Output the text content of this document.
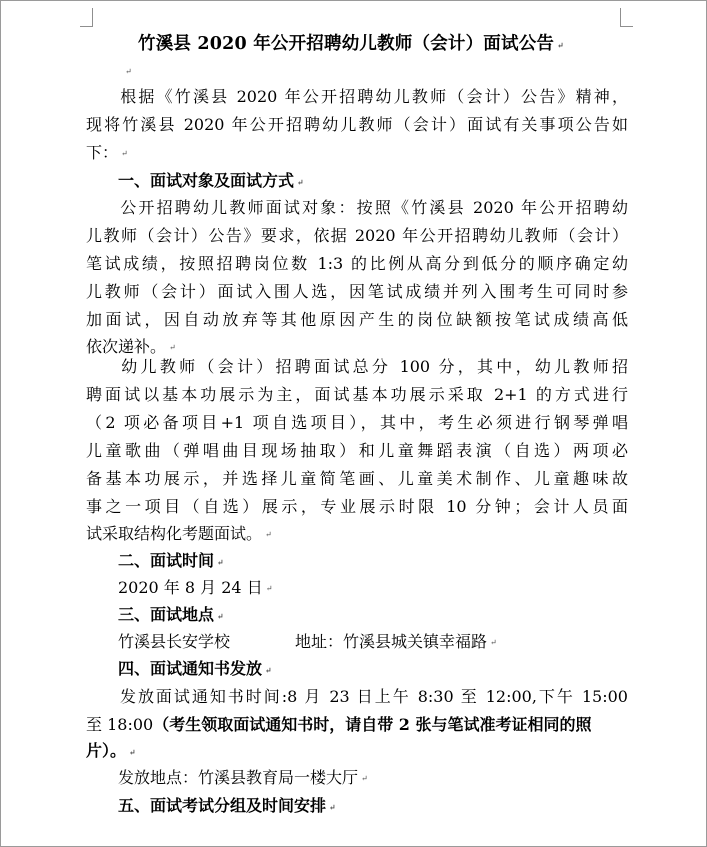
竹溪县 2020 年公开招聘幼儿教师（会计）面试公告 ↵
↵
根据《竹溪县 2020 年公开招聘幼儿教师（会计）公告》精神，
现将竹溪县 2020 年公开招聘幼儿教师（会计）面试有关事项公告如
下： ↵
一、面试对象及面试方式 ↵
公开招聘幼儿教师面试对象：按照《竹溪县 2020 年公开招聘幼
儿教师（会计）公告》要求，依据 2020 年公开招聘幼儿教师（会计）
笔试成绩，按照招聘岗位数 1:3 的比例从高分到低分的顺序确定幼
儿教师（会计）面试入围人选，因笔试成绩并列入围考生可同时参
加面试，因自动放弃等其他原因产生的岗位缺额按笔试成绩高低
依次递补。 ↵
幼儿教师（会计）招聘面试总分 100 分，其中，幼儿教师招
聘面试以基本功展示为主，面试基本功展示采取 2+1 的方式进行
（2 项必备项目+1 项自选项目），其中，考生必须进行钢琴弹唱
儿童歌曲（弹唱曲目现场抽取）和儿童舞蹈表演（自选）两项必
备基本功展示，并选择儿童简笔画、儿童美术制作、儿童趣味故
事之一项目（自选）展示，专业展示时限 10 分钟；会计人员面
试采取结构化考题面试。 ↵
二、面试时间 ↵
2020 年 8 月 24 日 ↵
三、面试地点 ↵
竹溪县长安学校	地址：竹溪县城关镇幸福路 ↵
四、面试通知书发放 ↵
发放面试通知书时间:8 月 23 日上午 8:30 至 12:00,下午 15:00
至 18:00（考生领取面试通知书时，请自带 2 张与笔试准考证相同的照
片）。 ↵
发放地点：竹溪县教育局一楼大厅 ↵
五、面试考试分组及时间安排 ↵
